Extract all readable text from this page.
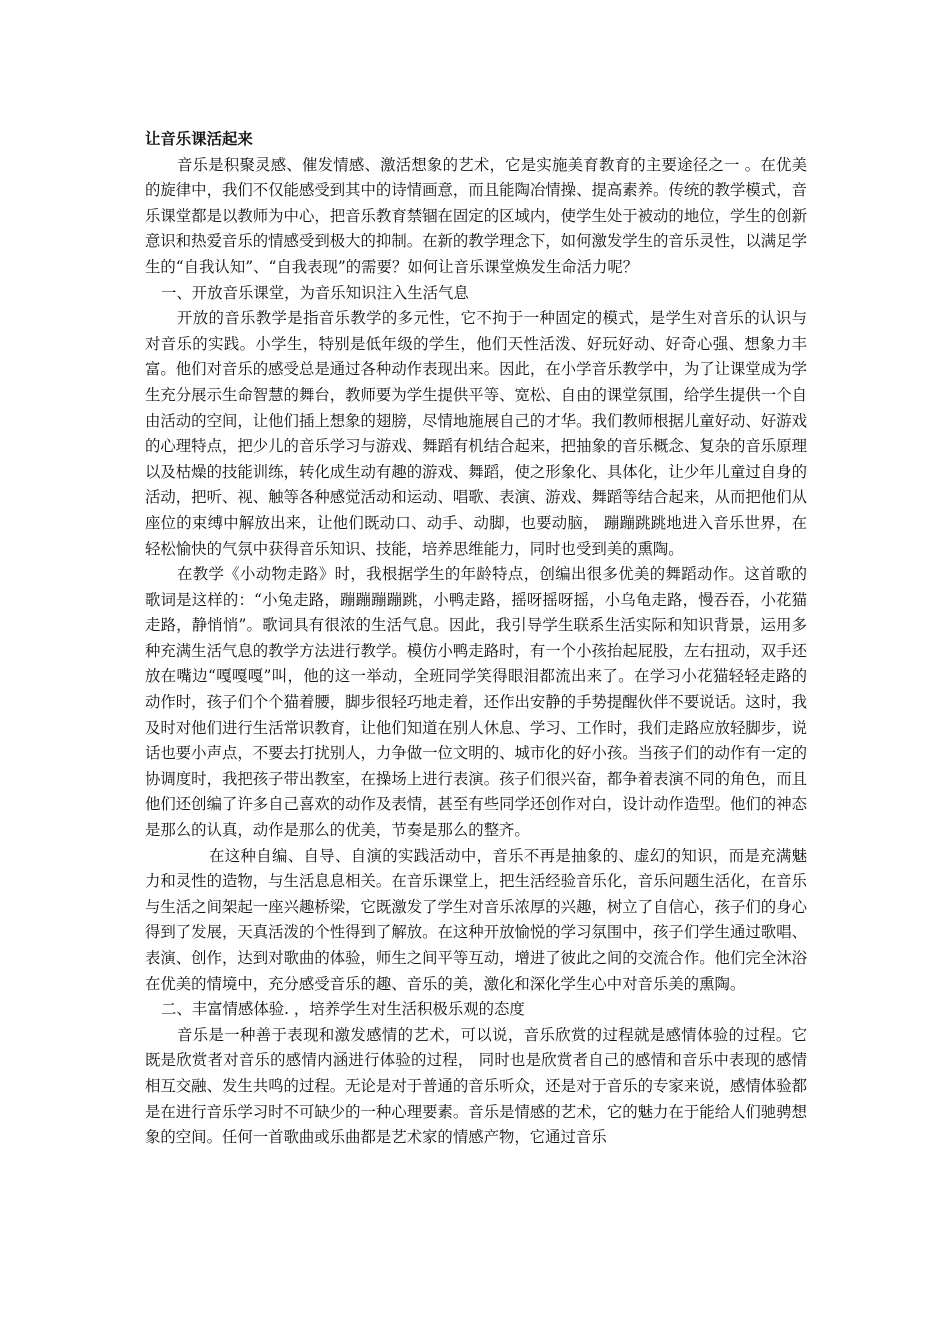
让音乐课活起来

音乐是积聚灵感、催发情感、激活想象的艺术，它是实施美育教育的主要途径之一 。在优美的旋律中，我们不仅能感受到其中的诗情画意，而且能陶冶情操、提高素养。传统的教学模式，音乐课堂都是以教师为中心，把音乐教育禁锢在固定的区域内，使学生处于被动的地位，学生的创新意识和热爱音乐的情感受到极大的抑制。在新的教学理念下，如何激发学生的音乐灵性，以满足学生的“自我认知”、“自我表现”的需要？如何让音乐课堂焕发生命活力呢？

一、开放音乐课堂，为音乐知识注入生活气息

开放的音乐教学是指音乐教学的多元性，它不拘于一种固定的模式，是学生对音乐的认识与对音乐的实践。小学生，特别是低年级的学生，他们天性活泼、好玩好动、好奇心强、想象力丰富。他们对音乐的感受总是通过各种动作表现出来。因此，在小学音乐教学中，为了让课堂成为学生充分展示生命智慧的舞台，教师要为学生提供平等、宽松、自由的课堂氛围，给学生提供一个自由活动的空间，让他们插上想象的翅膀，尽情地施展自己的才华。我们教师根据儿童好动、好游戏的心理特点，把少儿的音乐学习与游戏、舞蹈有机结合起来，把抽象的音乐概念、复杂的音乐原理以及枯燥的技能训练，转化成生动有趣的游戏、舞蹈，使之形象化、具体化，让少年儿童过自身的活动，把听、视、触等各种感觉活动和运动、唱歌、表演、游戏、舞蹈等结合起来，从而把他们从座位的束缚中解放出来，让他们既动口、动手、动脚，也要动脑， 蹦蹦跳跳地进入音乐世界，在轻松愉快的气氛中获得音乐知识、技能，培养思维能力，同时也受到美的熏陶。

在教学《小动物走路》时，我根据学生的年龄特点，创编出很多优美的舞蹈动作。这首歌的歌词是这样的：“小兔走路，蹦蹦蹦蹦跳，小鸭走路，摇呀摇呀摇，小乌龟走路，慢吞吞，小花猫走路，静悄悄”。歌词具有很浓的生活气息。因此，我引导学生联系生活实际和知识背景，运用多种充满生活气息的教学方法进行教学。模仿小鸭走路时，有一个小孩抬起屁股，左右扭动，双手还放在嘴边“嘎嘎嘎”叫，他的这一举动，全班同学笑得眼泪都流出来了。在学习小花猫轻轻走路的动作时，孩子们个个猫着腰，脚步很轻巧地走着，还作出安静的手势提醒伙伴不要说话。这时，我及时对他们进行生活常识教育，让他们知道在别人休息、学习、工作时，我们走路应放轻脚步，说话也要小声点，不要去打扰别人，力争做一位文明的、城市化的好小孩。当孩子们的动作有一定的协调度时，我把孩子带出教室，在操场上进行表演。孩子们很兴奋，都争着表演不同的角色，而且他们还创编了许多自己喜欢的动作及表情，甚至有些同学还创作对白，设计动作造型。他们的神态是那么的认真，动作是那么的优美，节奏是那么的整齐。

在这种自编、自导、自演的实践活动中，音乐不再是抽象的、虚幻的知识，而是充满魅力和灵性的造物，与生活息息相关。在音乐课堂上，把生活经验音乐化，音乐问题生活化，在音乐与生活之间架起一座兴趣桥梁，它既激发了学生对音乐浓厚的兴趣，树立了自信心，孩子们的身心得到了发展，天真活泼的个性得到了解放。在这种开放愉悦的学习氛围中，孩子们学生通过歌唱、表演、创作，达到对歌曲的体验，师生之间平等互动，增进了彼此之间的交流合作。他们完全沐浴在优美的情境中，充分感受音乐的趣、音乐的美，激化和深化学生心中对音乐美的熏陶。

二、丰富情感体验. ，培养学生对生活积极乐观的态度

音乐是一种善于表现和激发感情的艺术，可以说，音乐欣赏的过程就是感情体验的过程。它既是欣赏者对音乐的感情内涵进行体验的过程， 同时也是欣赏者自己的感情和音乐中表现的感情相互交融、发生共鸣的过程。无论是对于普通的音乐听众，还是对于音乐的专家来说，感情体验都是在进行音乐学习时不可缺少的一种心理要素。音乐是情感的艺术，它的魅力在于能给人们驰骋想象的空间。任何一首歌曲或乐曲都是艺术家的情感产物，它通过音乐
